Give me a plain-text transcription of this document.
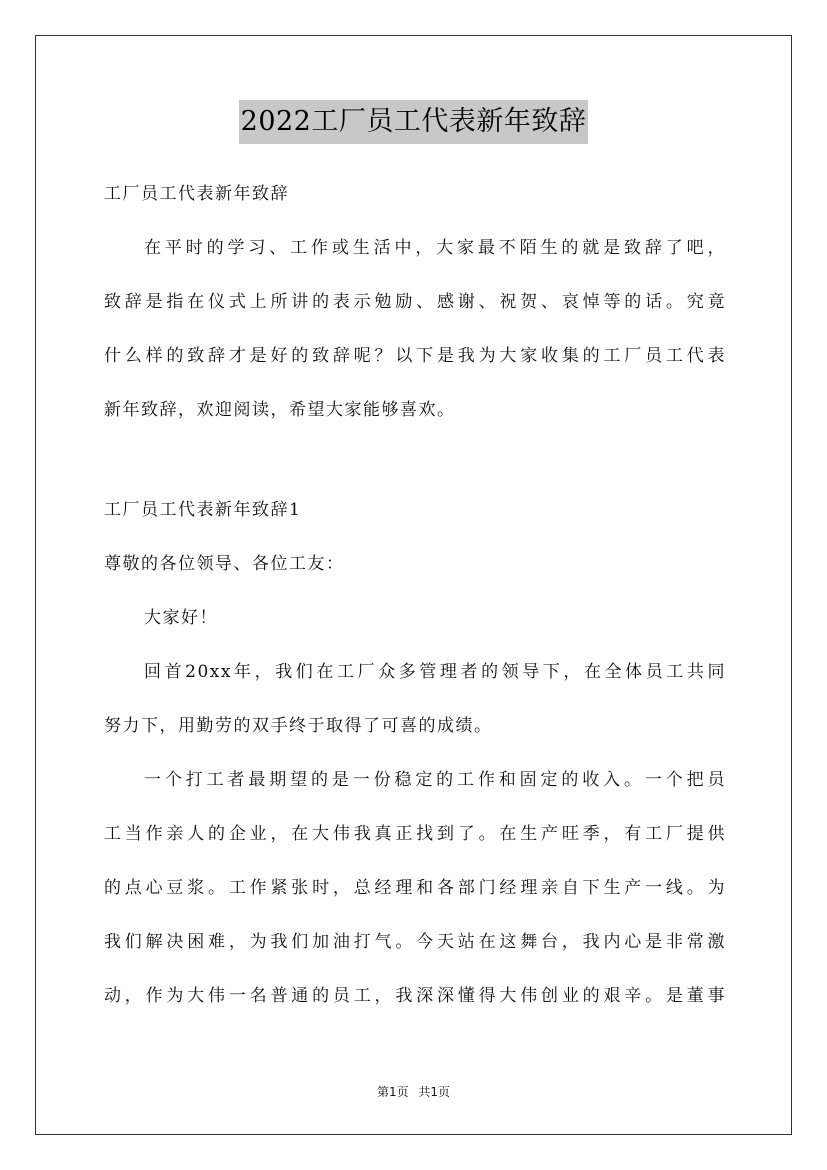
2022工厂员工代表新年致辞
工厂员工代表新年致辞
在平时的学习、工作或生活中，大家最不陌生的就是致辞了吧，
致辞是指在仪式上所讲的表示勉励、感谢、祝贺、哀悼等的话。究竟
什么样的致辞才是好的致辞呢？以下是我为大家收集的工厂员工代表
新年致辞，欢迎阅读，希望大家能够喜欢。
工厂员工代表新年致辞1
尊敬的各位领导、各位工友：
大家好！
回首20xx年，我们在工厂众多管理者的领导下，在全体员工共同
努力下，用勤劳的双手终于取得了可喜的成绩。
一个打工者最期望的是一份稳定的工作和固定的收入。一个把员
工当作亲人的企业，在大伟我真正找到了。在生产旺季，有工厂提供
的点心豆浆。工作紧张时，总经理和各部门经理亲自下生产一线。为
我们解决困难，为我们加油打气。今天站在这舞台，我内心是非常激
动，作为大伟一名普通的员工，我深深懂得大伟创业的艰辛。是董事
第1页 共1页
